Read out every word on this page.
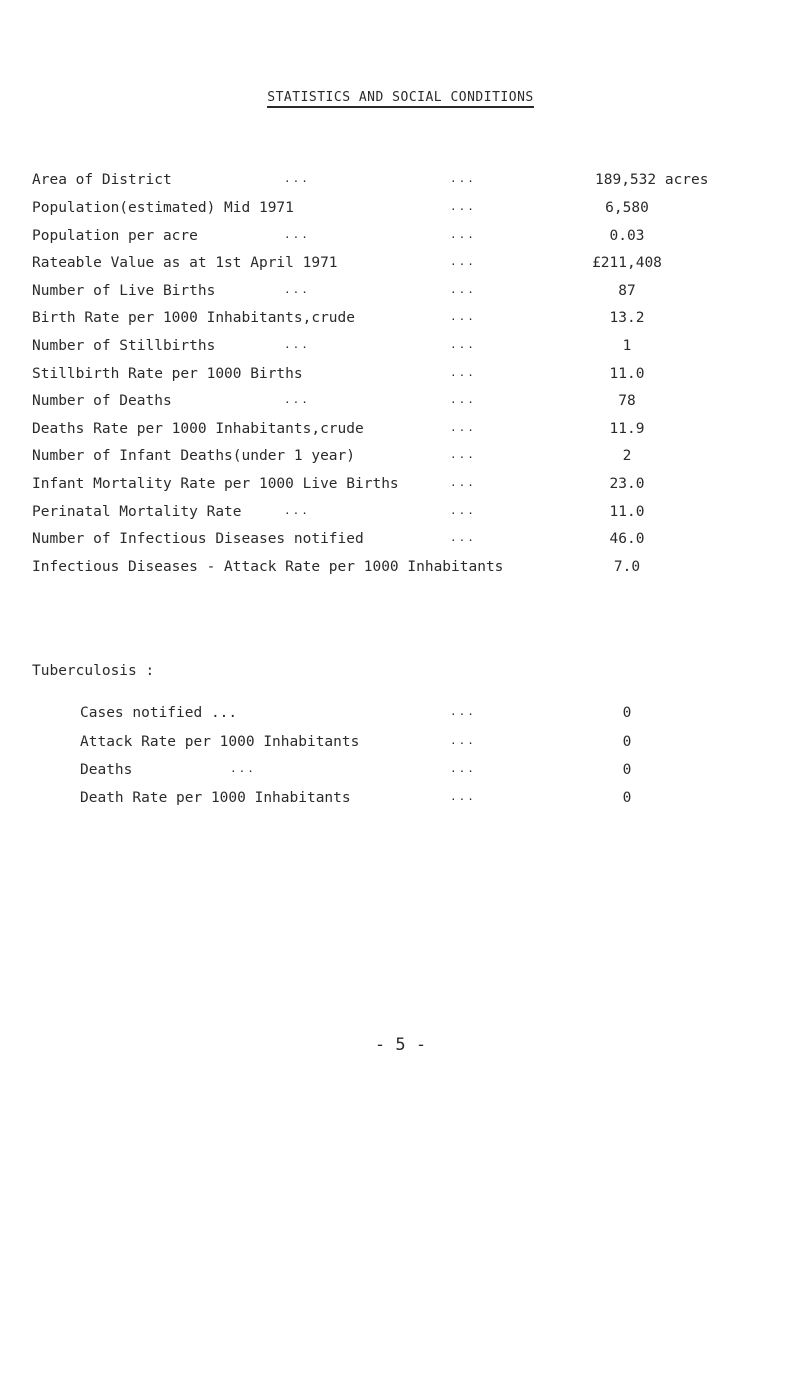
STATISTICS AND SOCIAL CONDITIONS
Area of District	...	...	189,532 acres
Population(estimated) Mid 1971	...	6,580
Population per acre	...	...	0.03
Rateable Value as at 1st April 1971	...	£211,408
Number of Live Births	...	...	87
Birth Rate per 1000 Inhabitants,crude	...	13.2
Number of Stillbirths	...	...	1
Stillbirth Rate per 1000 Births	...	11.0
Number of Deaths	...	...	78
Deaths Rate per 1000 Inhabitants,crude	...	11.9
Number of Infant Deaths(under 1 year)	...	2
Infant Mortality Rate per 1000 Live Births	...	23.0
Perinatal Mortality Rate	...	...	11.0
Number of Infectious Diseases notified	...	46.0
Infectious Diseases - Attack Rate per 1000 Inhabitants	7.0
Tuberculosis :
Cases notified ...	...	0
Attack Rate per 1000 Inhabitants	...	0
Deaths	...	...	0
Death Rate per 1000 Inhabitants	...	0
- 5 -
